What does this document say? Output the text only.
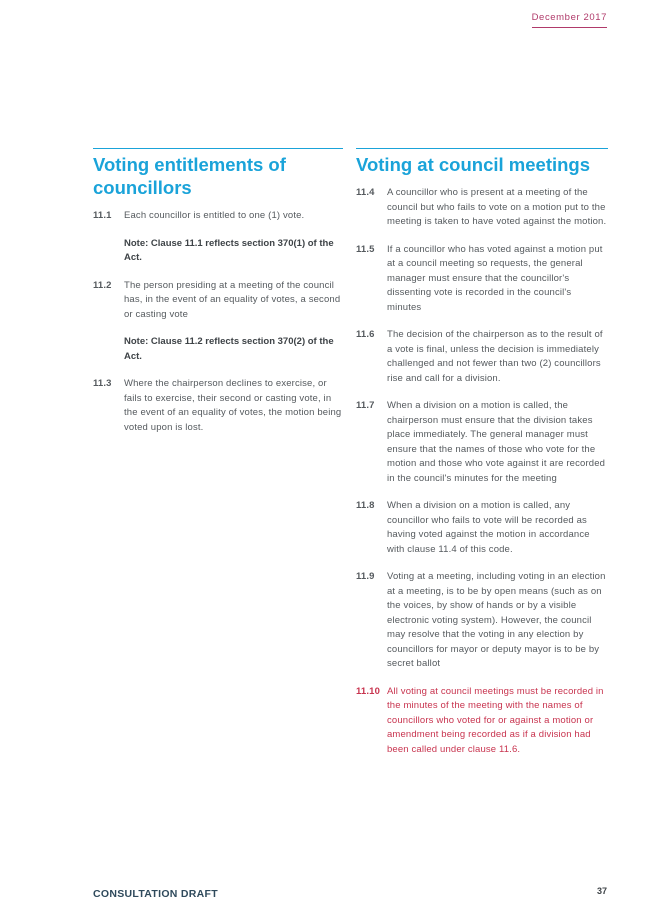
December 2017
Voting entitlements of councillors
11.1	Each councillor is entitled to one (1) vote.
Note: Clause 11.1 reflects section 370(1) of the Act.
11.2	The person presiding at a meeting of the council has, in the event of an equality of votes, a second or casting vote
Note: Clause 11.2 reflects section 370(2) of the Act.
11.3	Where the chairperson declines to exercise, or fails to exercise, their second or casting vote, in the event of an equality of votes, the motion being voted upon is lost.
Voting at council meetings
11.4	A councillor who is present at a meeting of the council but who fails to vote on a motion put to the meeting is taken to have voted against the motion.
11.5	If a councillor who has voted against a motion put at a council meeting so requests, the general manager must ensure that the councillor's dissenting vote is recorded in the council's minutes
11.6	The decision of the chairperson as to the result of a vote is final, unless the decision is immediately challenged and not fewer than two (2) councillors rise and call for a division.
11.7	When a division on a motion is called, the chairperson must ensure that the division takes place immediately. The general manager must ensure that the names of those who vote for the motion and those who vote against it are recorded in the council's minutes for the meeting
11.8	When a division on a motion is called, any councillor who fails to vote will be recorded as having voted against the motion in accordance with clause 11.4 of this code.
11.9	Voting at a meeting, including voting in an election at a meeting, is to be by open means (such as on the voices, by show of hands or by a visible electronic voting system). However, the council may resolve that the voting in any election by councillors for mayor or deputy mayor is to be by secret ballot
11.10 All voting at council meetings must be recorded in the minutes of the meeting with the names of councillors who voted for or against a motion or amendment being recorded as if a division had been called under clause 11.6.
CONSULTATION DRAFT	37
